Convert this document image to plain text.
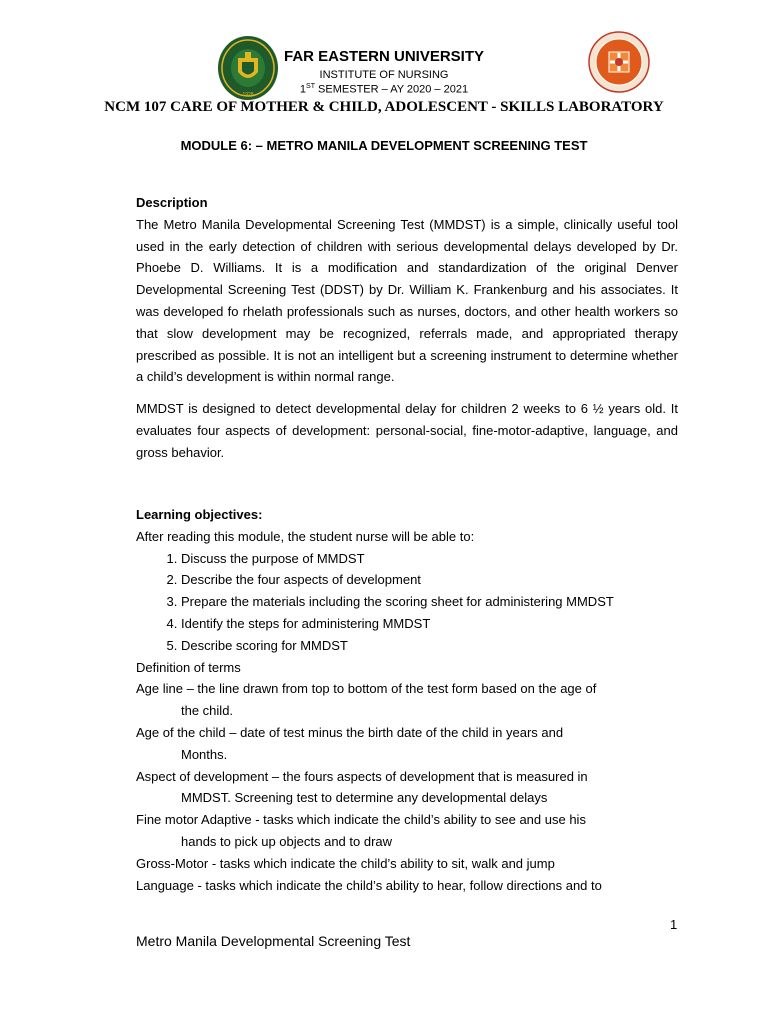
1928
FAR EASTERN UNIVERSITY
INSTITUTE OF NURSING
1ST SEMESTER – AY 2020 – 2021
NCM 107 CARE OF MOTHER & CHILD, ADOLESCENT - SKILLS LABORATORY
MODULE 6: – METRO MANILA DEVELOPMENT SCREENING TEST
Description

The Metro Manila Developmental Screening Test (MMDST) is a simple, clinically useful tool used in the early detection of children with serious developmental delays developed by Dr. Phoebe D. Williams. It is a modification and standardization of the original Denver Developmental Screening Test (DDST) by Dr. William K. Frankenburg and his associates. It was developed fo rhelath professionals such as nurses, doctors, and other health workers so that slow development may be recognized, referrals made, and appropriated therapy prescribed as possible. It is not an intelligent but a screening instrument to determine whether a child’s development is within normal range.

MMDST is designed to detect developmental delay for children 2 weeks to 6 ½ years old. It evaluates four aspects of development: personal-social, fine-motor-adaptive, language, and gross behavior.

Learning objectives:
After reading this module, the student nurse will be able to:
1. Discuss the purpose of MMDST
2. Describe the four aspects of development
3. Prepare the materials including the scoring sheet for administering MMDST
4. Identify the steps for administering MMDST
5. Describe scoring for MMDST
Definition of terms
Age line – the line drawn from top to bottom of the test form based on the age of
the child.
Age of the child – date of test minus the birth date of the child in years and
Months.
Aspect of development – the fours aspects of development that is measured in
MMDST. Screening test to determine any developmental delays
Fine motor Adaptive - tasks which indicate the child’s ability to see and use his
hands to pick up objects and to draw
Gross-Motor - tasks which indicate the child’s ability to sit, walk and jump
Language - tasks which indicate the child’s ability to hear, follow directions and to
1
Metro Manila Developmental Screening Test
